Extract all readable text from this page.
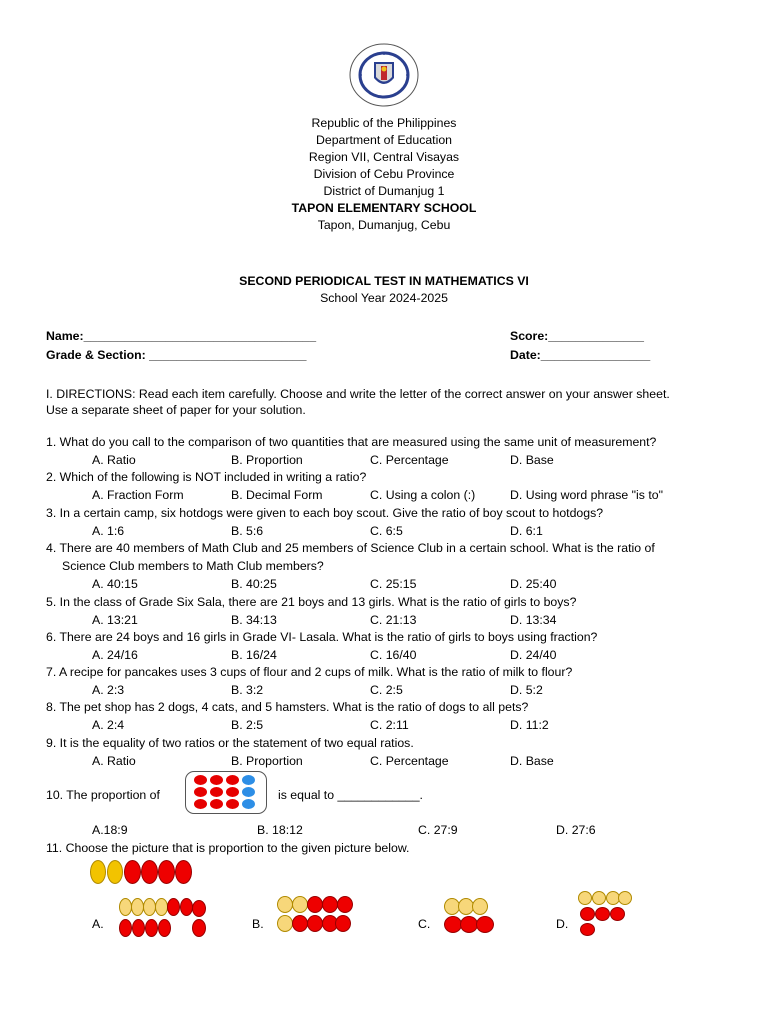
Republic of the Philippines
Department of Education
Region VII, Central Visayas
Division of Cebu Province
District of Dumanjug 1
TAPON ELEMENTARY SCHOOL
Tapon, Dumanjug, Cebu
SECOND PERIODICAL TEST IN MATHEMATICS VI
School Year 2024-2025
Name:__________________________________	Score:______________
Grade & Section: _______________________	Date:________________
I. DIRECTIONS: Read each item carefully. Choose and write the letter of the correct answer on your answer sheet.
Use a separate sheet of paper for your solution.
1. What do you call to the comparison of two quantities that are measured using the same unit of measurement?
A. Ratio	B. Proportion	C. Percentage	D. Base
2. Which of the following is NOT included in writing a ratio?
A. Fraction Form	B. Decimal Form	C. Using a colon (:)	D. Using word phrase "is to"
3. In a certain camp, six hotdogs were given to each boy scout. Give the ratio of boy scout to hotdogs?
A. 1:6	B. 5:6	C. 6:5	D. 6:1
4. There are 40 members of Math Club and 25 members of Science Club in a certain school. What is the ratio of
Science Club members to Math Club members?
A. 40:15	B. 40:25	C. 25:15	D. 25:40
5. In the class of Grade Six Sala, there are 21 boys and 13 girls. What is the ratio of girls to boys?
A. 13:21	B. 34:13	C. 21:13	D. 13:34
6. There are 24 boys and 16 girls in Grade VI- Lasala. What is the ratio of girls to boys using fraction?
A. 24/16	B. 16/24	C. 16/40	D. 24/40
7. A recipe for pancakes uses 3 cups of flour and 2 cups of milk. What is the ratio of milk to flour?
A. 2:3	B. 3:2	C. 2:5	D. 5:2
8. The pet shop has 2 dogs, 4 cats, and 5 hamsters. What is the ratio of dogs to all pets?
A. 2:4	B. 2:5	C. 2:11	D. 11:2
9. It is the equality of two ratios or the statement of two equal ratios.
A. Ratio	B. Proportion	C. Percentage	D. Base
10. The proportion of	is equal to ____________.
A.18:9	B. 18:12	C. 27:9	D. 27:6
11. Choose the picture that is proportion to the given picture below.
A.	B.	C.	D.
